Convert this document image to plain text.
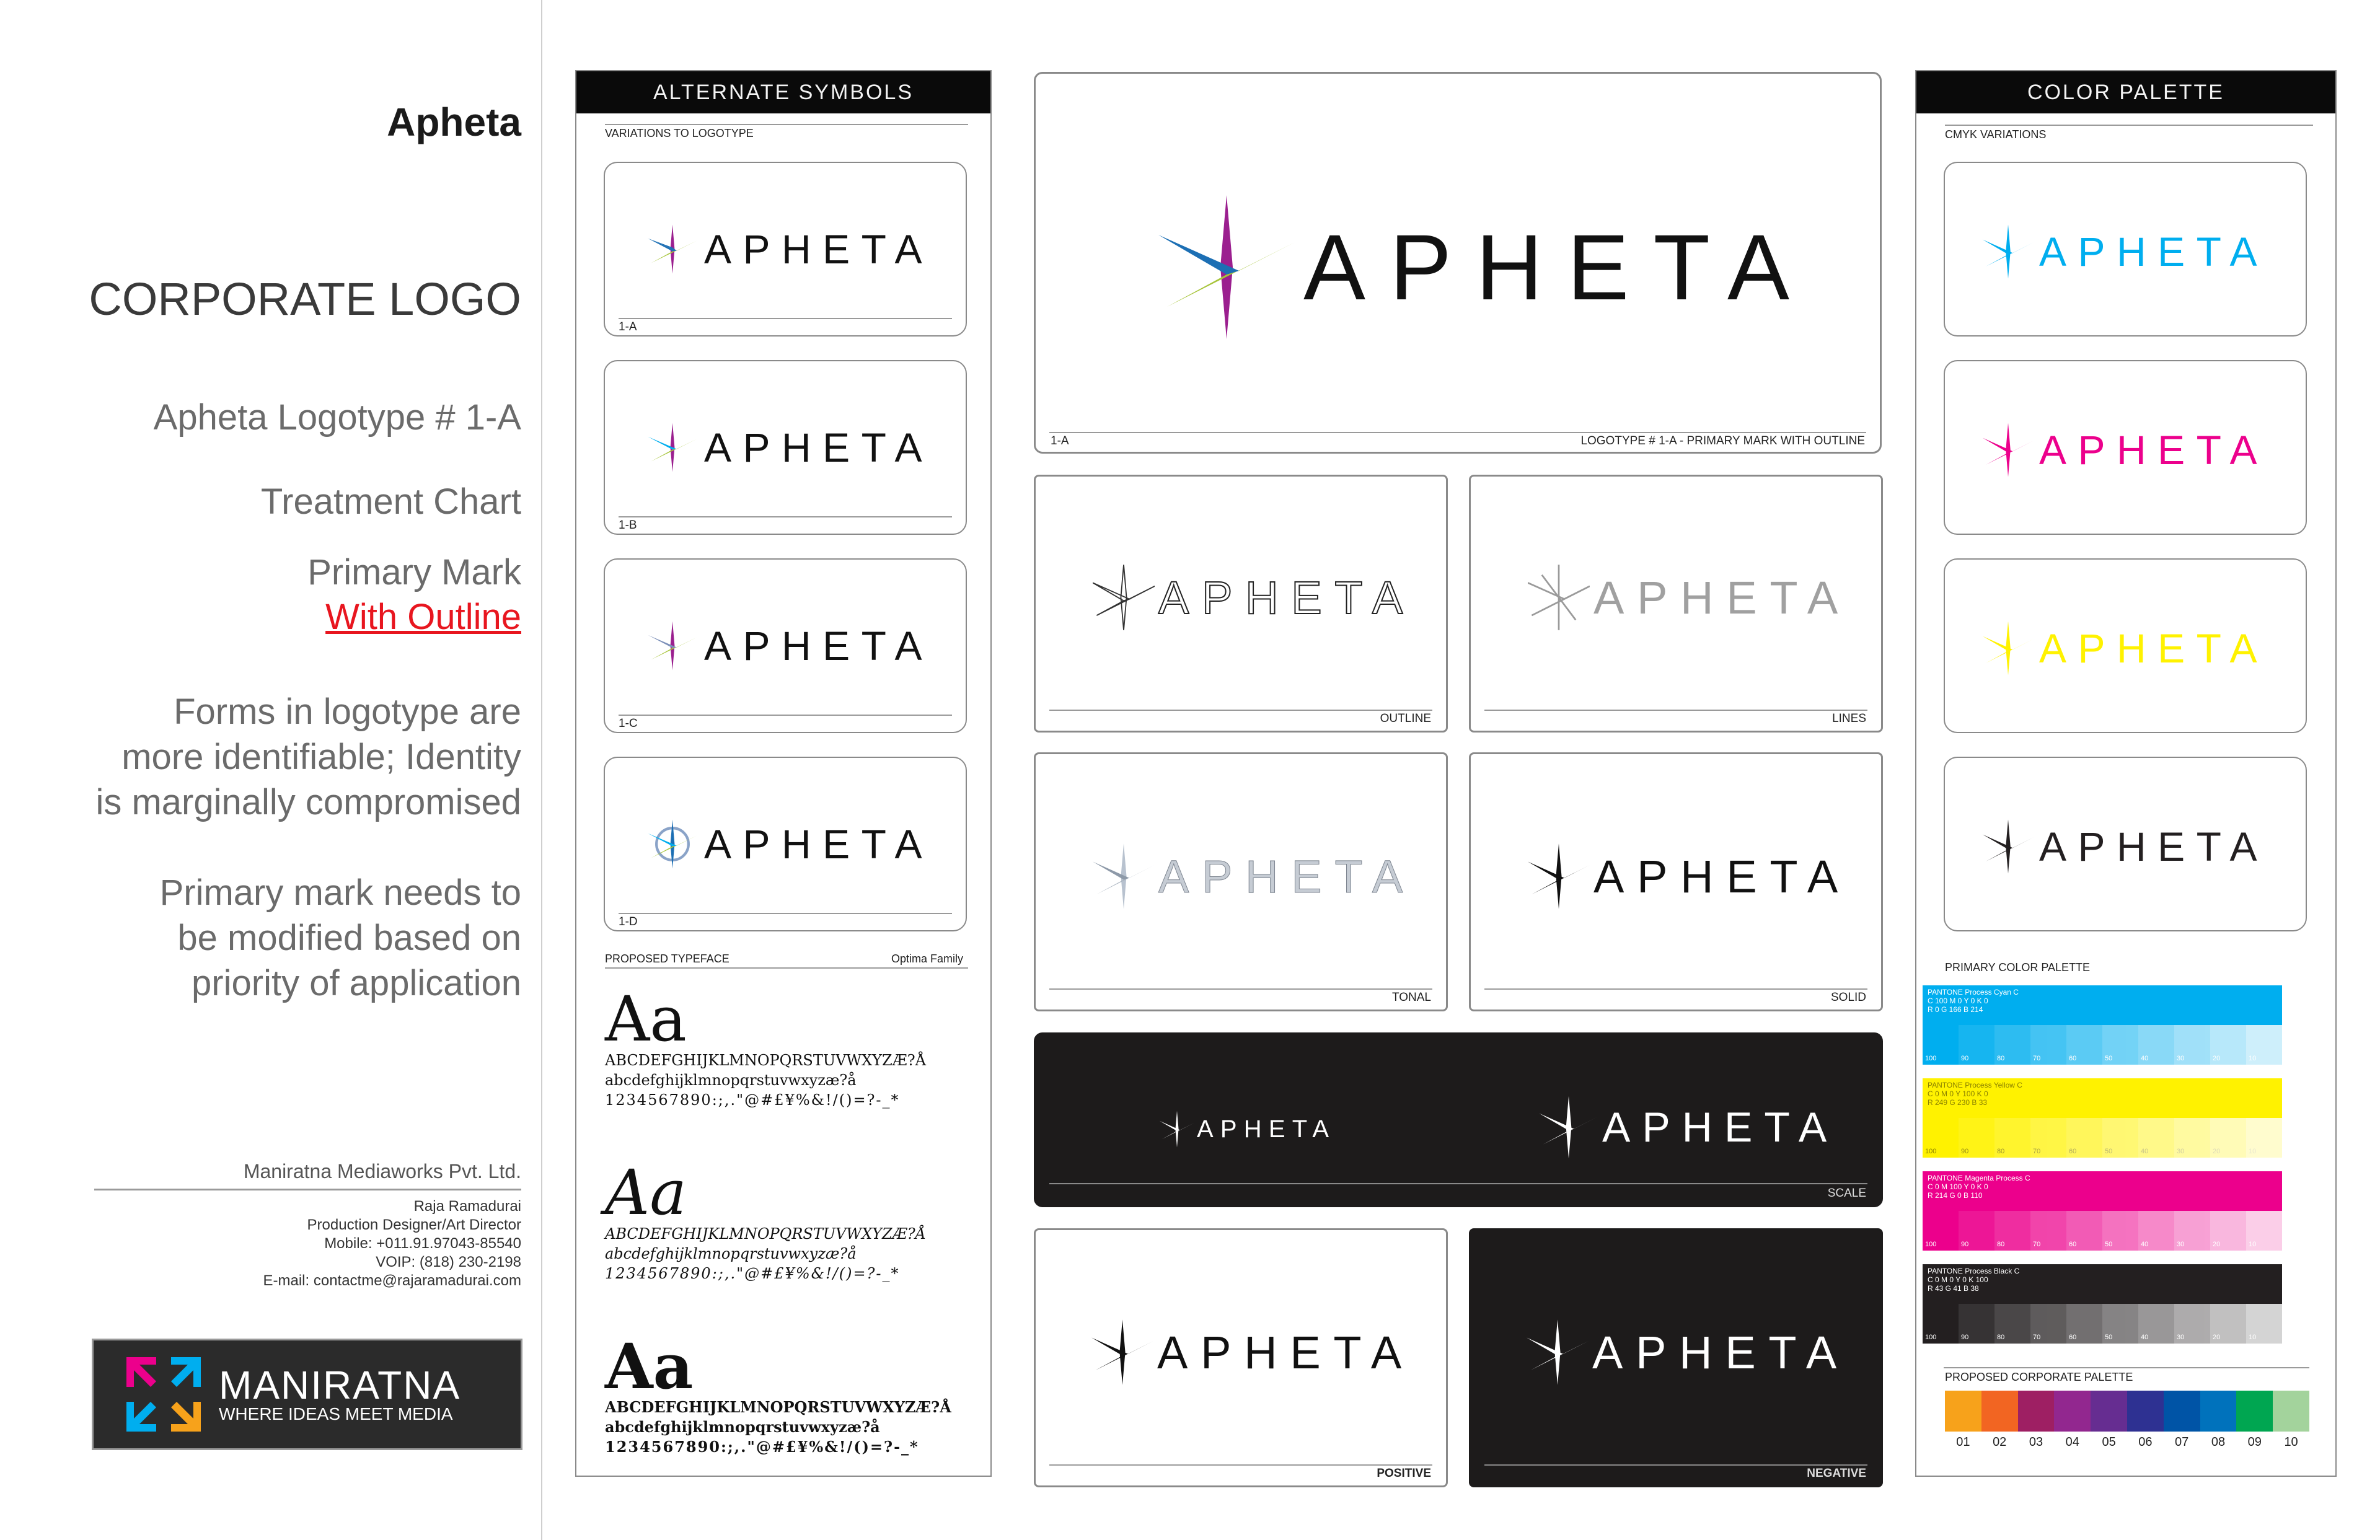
Apheta
CORPORATE LOGO
Apheta Logotype # 1-A
Treatment Chart
Primary Mark
With Outline
Forms in logotype are
more identifiable; Identity
is marginally compromised
Primary mark needs to
be modified based on
priority of application
Maniratna Mediaworks Pvt. Ltd.
Raja Ramadurai
Production Designer/Art Director
Mobile: +011.91.97043-85540
VOIP: (818) 230-2198
E-mail: contactme@rajaramadurai.com
MANIRATNA
WHERE IDEAS MEET MEDIA
ALTERNATE SYMBOLS
VARIATIONS TO LOGOTYPE
APHETA
1-A
APHETA
1-B
APHETA
1-C
APHETA
1-D
PROPOSED TYPEFACE	Optima Family
Aa
ABCDEFGHIJKLMNOPQRSTUVWXYZÆ?Å
abcdefghijklmnopqrstuvwxyzæ?å
1234567890:;,."@#£¥%&!/()=?-_*
Aa
ABCDEFGHIJKLMNOPQRSTUVWXYZÆ?Å
abcdefghijklmnopqrstuvwxyzæ?å
1234567890:;,."@#£¥%&!/()=?-_*
Aa
ABCDEFGHIJKLMNOPQRSTUVWXYZÆ?Å
abcdefghijklmnopqrstuvwxyzæ?å
1234567890:;,."@#£¥%&!/()=?-_*
APHETA
1-A	LOGOTYPE # 1-A - PRIMARY MARK WITH OUTLINE
APHETA
OUTLINE
APHETA
LINES
APHETA
TONAL
APHETA
SOLID
APHETA	APHETA
SCALE
APHETA
POSITIVE
APHETA
NEGATIVE
COLOR PALETTE
CMYK VARIATIONS
PRIMARY COLOR PALETTE
APHETA
APHETA
APHETA
APHETA
PANTONE Process Cyan C
C 100 M 0 Y 0 K 0
R 0 G 166 B 214
100	90	80	70	60	50	40	30	20	10
PANTONE Process Yellow C
C 0 M 0 Y 100 K 0
R 249 G 230 B 33
100	90	80	70	60	50	40	30	20	10
PANTONE Magenta Process C
C 0 M 100 Y 0 K 0
R 214 G 0 B 110
100	90	80	70	60	50	40	30	20	10
PANTONE Process Black C
C 0 M 0 Y 0 K 100
R 43 G 41 B 38
100	90	80	70	60	50	40	30	20	10
PROPOSED CORPORATE PALETTE
01 02 03 04 05 06 07 08 09 10
